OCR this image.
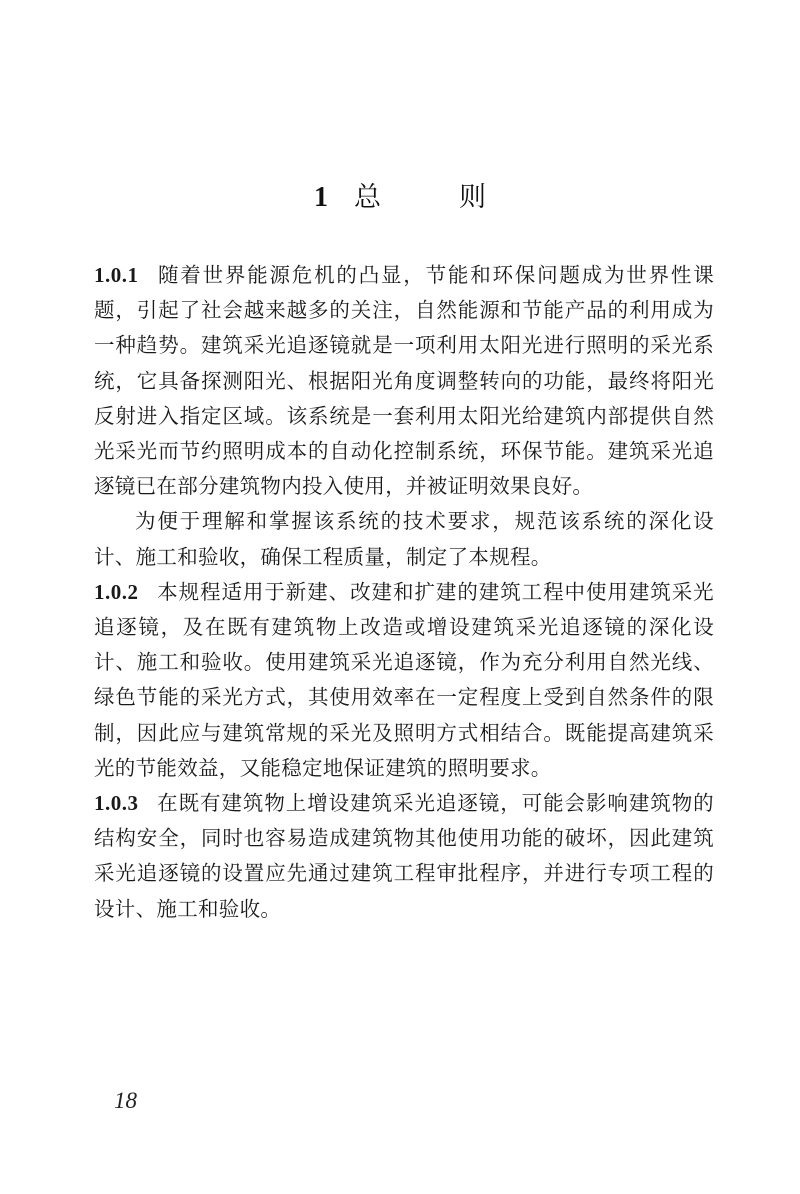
1 总	则

1.0.1 随着世界能源危机的凸显，节能和环保问题成为世界性课题，引起了社会越来越多的关注，自然能源和节能产品的利用成为一种趋势。建筑采光追逐镜就是一项利用太阳光进行照明的采光系统，它具备探测阳光、根据阳光角度调整转向的功能，最终将阳光反射进入指定区域。该系统是一套利用太阳光给建筑内部提供自然光采光而节约照明成本的自动化控制系统，环保节能。建筑采光追逐镜已在部分建筑物内投入使用，并被证明效果良好。

为便于理解和掌握该系统的技术要求，规范该系统的深化设计、施工和验收，确保工程质量，制定了本规程。

1.0.2 本规程适用于新建、改建和扩建的建筑工程中使用建筑采光追逐镜，及在既有建筑物上改造或增设建筑采光追逐镜的深化设计、施工和验收。使用建筑采光追逐镜，作为充分利用自然光线、绿色节能的采光方式，其使用效率在一定程度上受到自然条件的限制，因此应与建筑常规的采光及照明方式相结合。既能提高建筑采光的节能效益，又能稳定地保证建筑的照明要求。

1.0.3 在既有建筑物上增设建筑采光追逐镜，可能会影响建筑物的结构安全，同时也容易造成建筑物其他使用功能的破坏，因此建筑采光追逐镜的设置应先通过建筑工程审批程序，并进行专项工程的设计、施工和验收。

18
